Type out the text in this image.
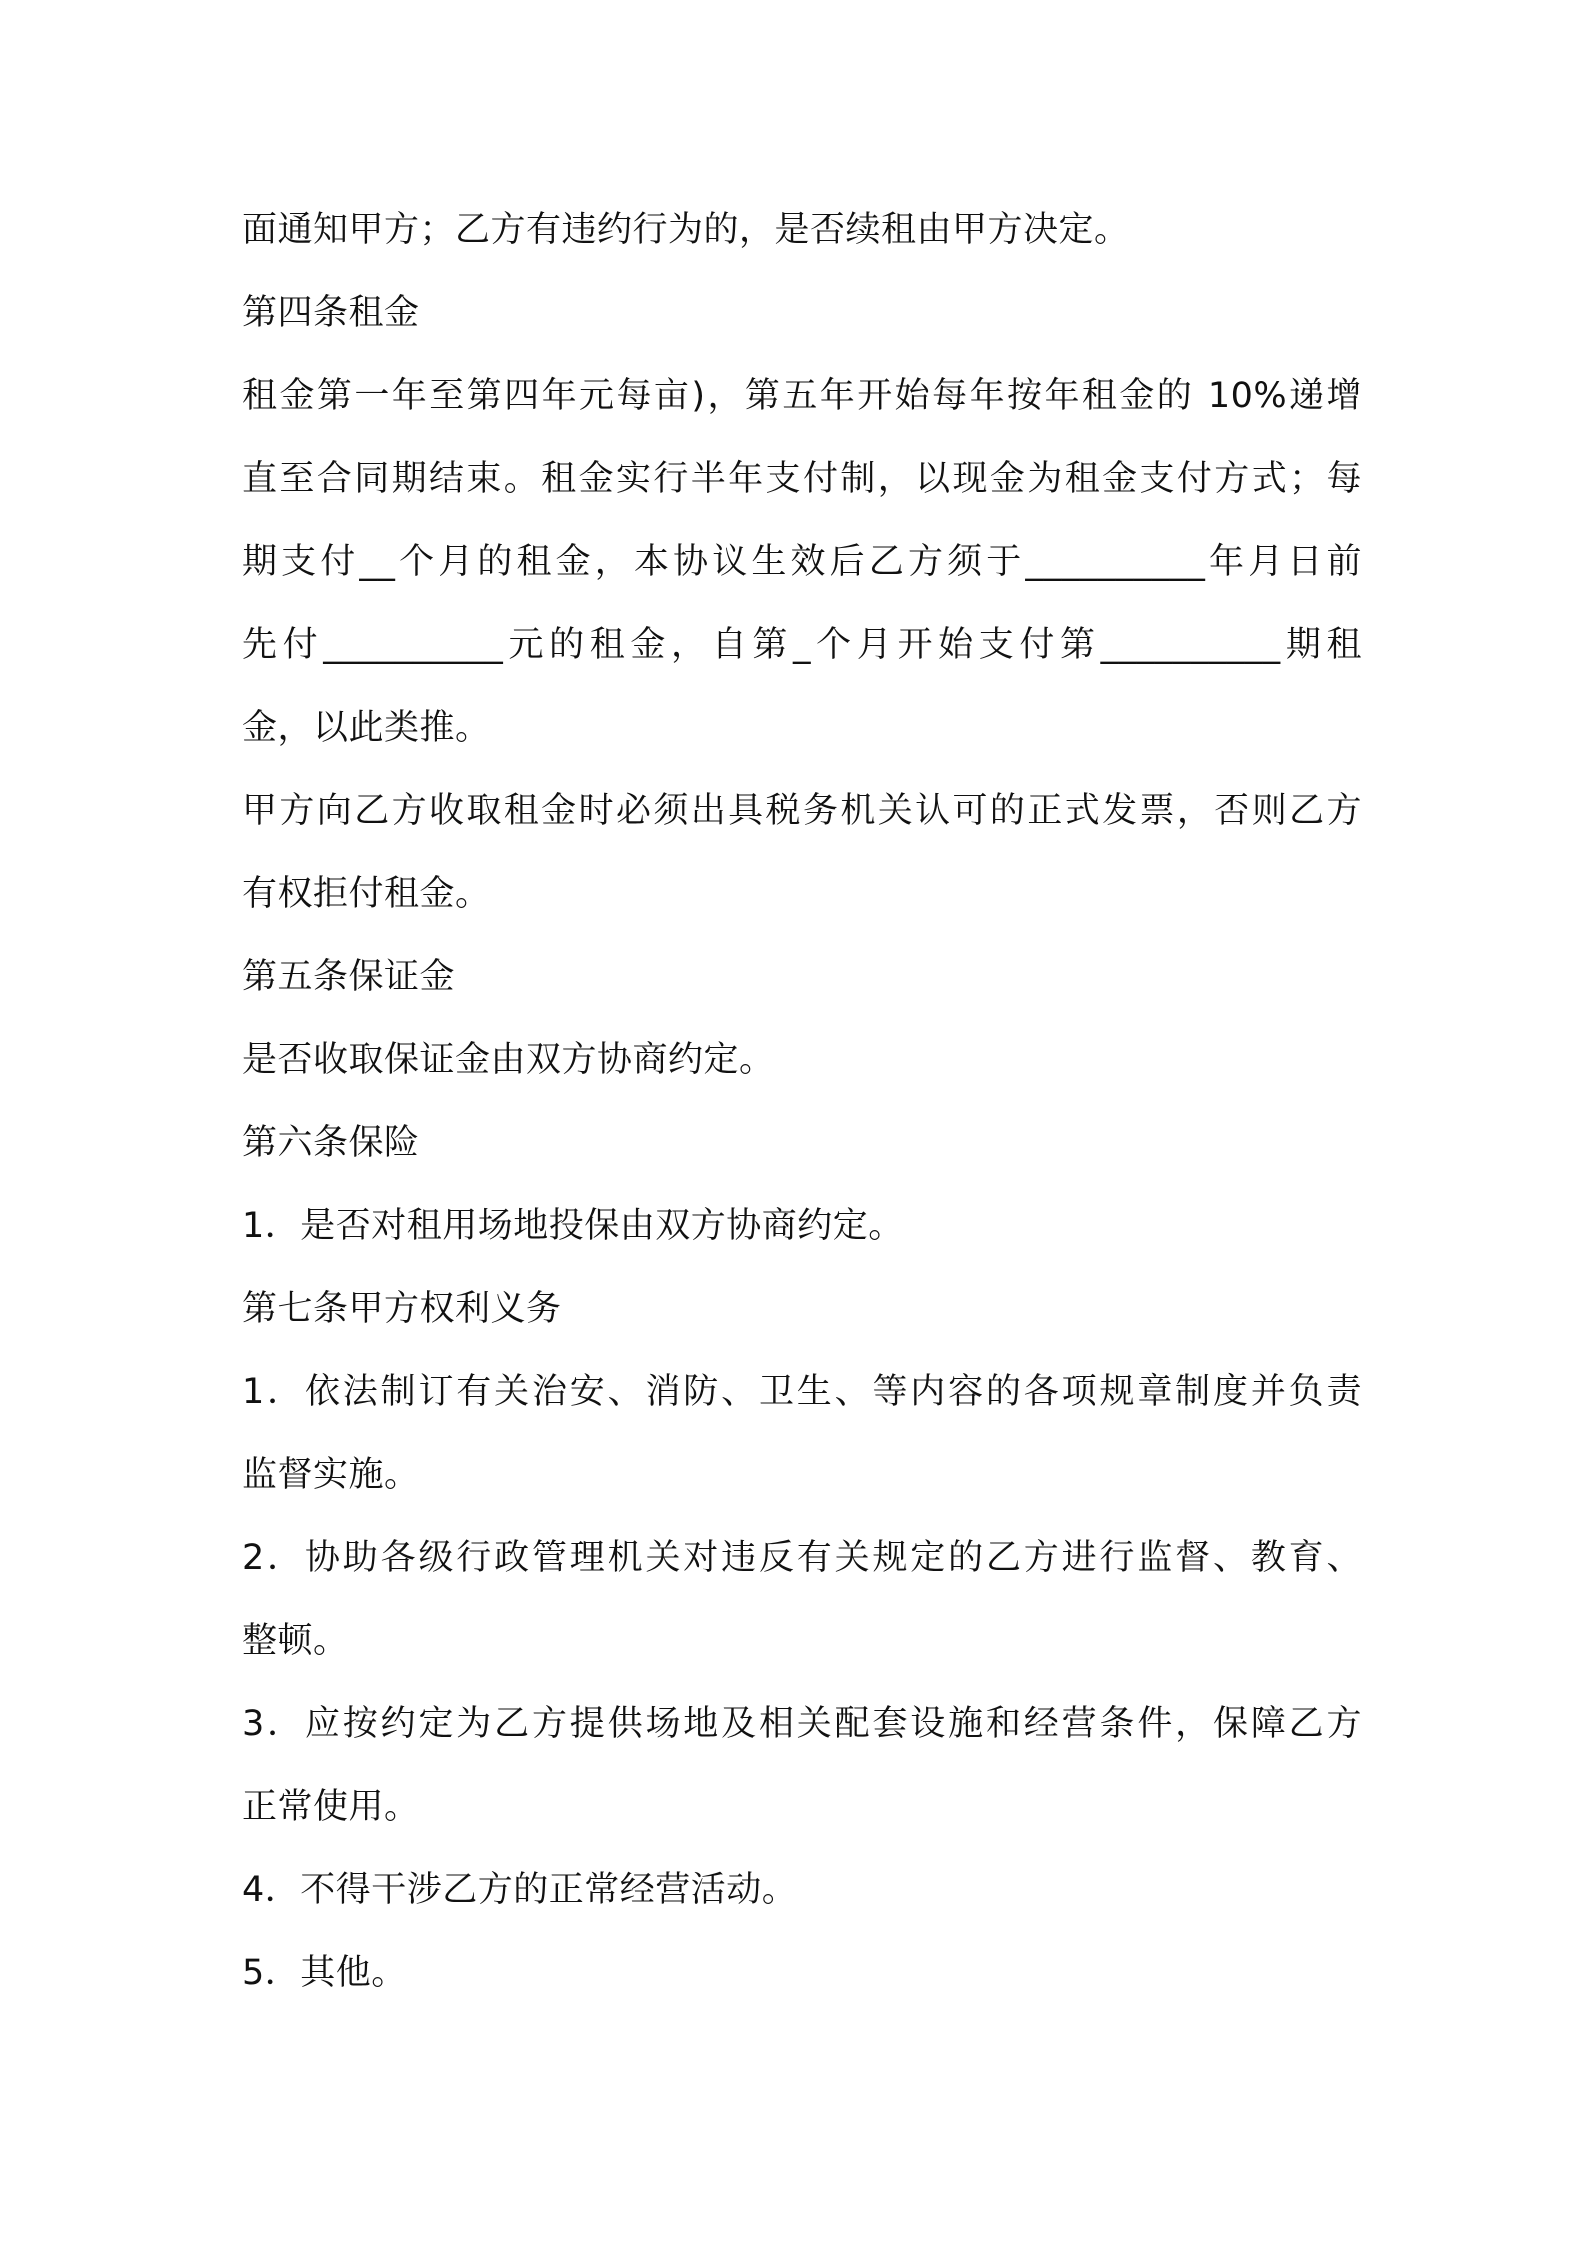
面通知甲方；乙方有违约行为的，是否续租由甲方决定。
第四条租金
租金第一年至第四年元每亩)，第五年开始每年按年租金的 10%递增
直至合同期结束。租金实行半年支付制，以现金为租金支付方式；每
期支付__个月的租金，本协议生效后乙方须于__________年月日前
先付__________元的租金，自第_个月开始支付第__________期租
金，以此类推。
甲方向乙方收取租金时必须出具税务机关认可的正式发票，否则乙方
有权拒付租金。
第五条保证金
是否收取保证金由双方协商约定。
第六条保险
1．是否对租用场地投保由双方协商约定。
第七条甲方权利义务
1．依法制订有关治安、消防、卫生、等内容的各项规章制度并负责
监督实施。
2．协助各级行政管理机关对违反有关规定的乙方进行监督、教育、
整顿。
3．应按约定为乙方提供场地及相关配套设施和经营条件，保障乙方
正常使用。
4．不得干涉乙方的正常经营活动。
5．其他。
